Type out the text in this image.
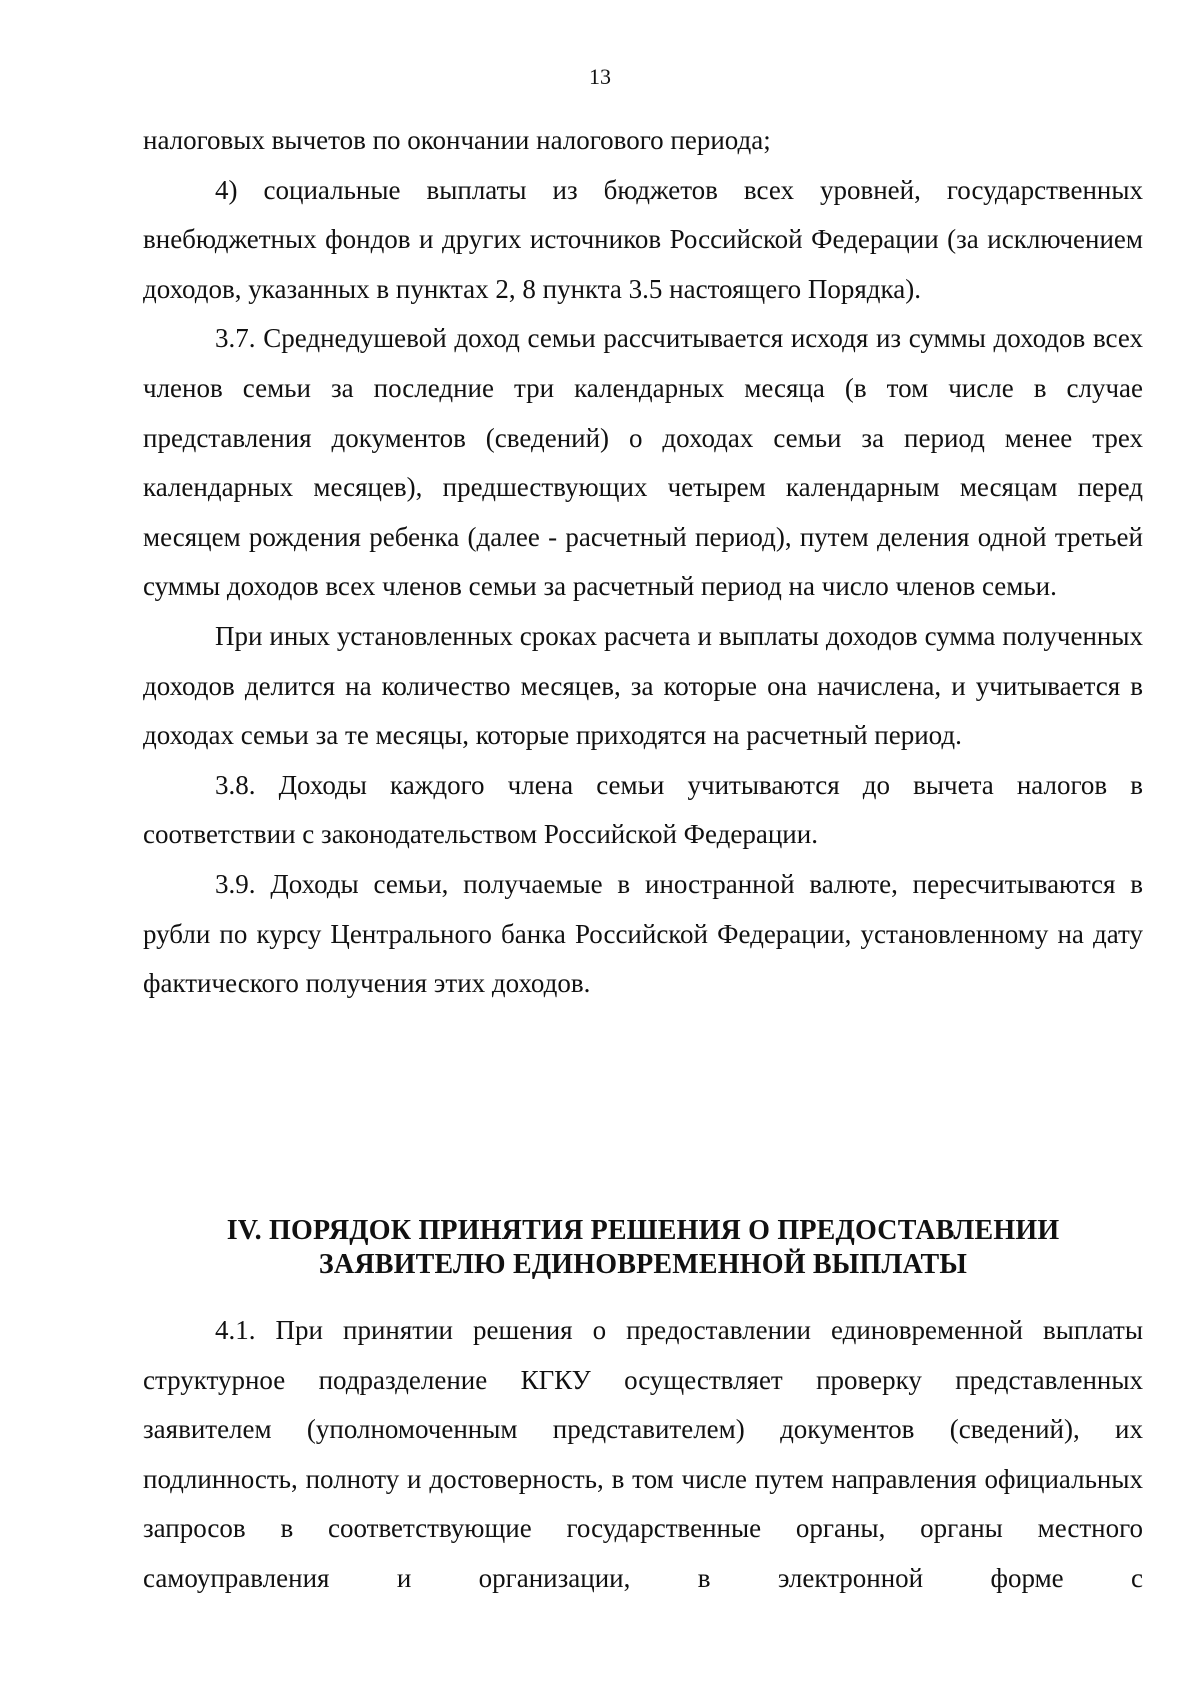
13

налоговых вычетов по окончании налогового периода;

4) социальные выплаты из бюджетов всех уровней, государственных внебюджетных фондов и других источников Российской Федерации (за исключением доходов, указанных в пунктах 2, 8 пункта 3.5 настоящего Порядка).

3.7. Среднедушевой доход семьи рассчитывается исходя из суммы доходов всех членов семьи за последние три календарных месяца (в том числе в случае представления документов (сведений) о доходах семьи за период менее трех календарных месяцев), предшествующих четырем календарным месяцам перед месяцем рождения ребенка (далее - расчетный период), путем деления одной третьей суммы доходов всех членов семьи за расчетный период на число членов семьи.

При иных установленных сроках расчета и выплаты доходов сумма полученных доходов делится на количество месяцев, за которые она начислена, и учитывается в доходах семьи за те месяцы, которые приходятся на расчетный период.

3.8. Доходы каждого члена семьи учитываются до вычета налогов в соответствии с законодательством Российской Федерации.

3.9. Доходы семьи, получаемые в иностранной валюте, пересчитываются в рубли по курсу Центрального банка Российской Федерации, установленному на дату фактического получения этих доходов.

IV. ПОРЯДОК ПРИНЯТИЯ РЕШЕНИЯ О ПРЕДОСТАВЛЕНИИ
ЗАЯВИТЕЛЮ ЕДИНОВРЕМЕННОЙ ВЫПЛАТЫ

4.1. При принятии решения о предоставлении единовременной выплаты структурное подразделение КГКУ осуществляет проверку представленных заявителем (уполномоченным представителем) документов (сведений), их подлинность, полноту и достоверность, в том числе путем направления официальных запросов в соответствующие государственные органы, органы местного самоуправления и организации, в электронной форме с
